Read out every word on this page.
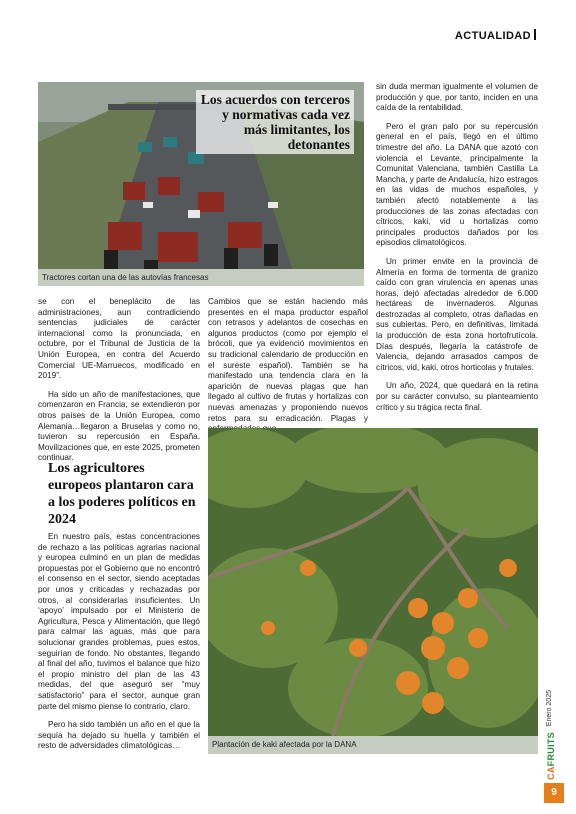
ACTUALIDAD
Los acuerdos con terceros y normativas cada vez más limitantes, los detonantes
Tractores cortan una de las autovías francesas

se con el beneplácito de las administraciones, aun contradiciendo sentencias judiciales de carácter internacional como la pronunciada, en octubre, por el Tribunal de Justicia de la Unión Europea, en contra del Acuerdo Comercial UE-Marruecos, modificado en 2019”.

Ha sido un año de manifestaciones, que comenzaron en Francia, se extendieron por otros países de la Unión Europea, como Alemania…llegaron a Bruselas y como no, tuvieron su repercusión en España. Movilizaciones que, en este 2025, prometen continuar.

Los agricultores europeos plantaron cara a los poderes políticos en 2024

En nuestro país, estas concentraciones de rechazo a las políticas agrarias nacional y europea culminó en un plan de medidas propuestas por el Gobierno que no encontró el consenso en el sector, siendo aceptadas por unos y criticadas y rechazadas por otros, al considerarlas insuficientes. Un ‘apoyo’ impulsado por el Ministerio de Agricultura, Pesca y Alimentación, que llegó para calmar las aguas, más que para solucionar grandes problemas, pues estos, seguirían de fondo. No obstantes, llegando al final del año, tuvimos el balance que hizo el propio ministro del plan de las 43 medidas, del que aseguró ser “muy satisfactorio” para el sector, aunque gran parte del mismo piense lo contrario, claro.

Pero ha sido también un año en el que la sequía ha dejado su huella y también el resto de adversidades climatológicas…

Cambios que se están haciendo más presentes en el mapa productor español con retrasos y adelantos de cosechas en algunos productos (como por ejemplo el brócoli, que ya evidenció movimientos en su tradicional calendario de producción en el sureste español). También se ha manifestado una tendencia clara en la aparición de nuevas plagas que han llegado al cultivo de frutas y hortalizas con nuevas amenazas y proponiendo nuevos retos para su erradicación. Plagas y

sin duda merman igualmente el volumen de producción y que, por tanto, inciden en una caída de la rentabilidad.

Pero el gran palo por su repercusión general en el país, llegó en el último trimestre del año. La DANA que azotó con violencia el Levante, principalmente la Comunitat Valenciana, también Castilla La Mancha, y parte de Andalucía, hizo estragos en las vidas de muchos españoles, y también afectó notablemente a las producciones de las zonas afectadas con cítricos, kaki, vid u hortalizas como principales productos dañados por los episodios climatológicos.

Un primer envite en la provincia de Almería en forma de tormenta de granizo caído con gran virulencia en apenas unas horas, dejó afectadas alrededor de 6.000 hectáreas de invernaderos. Algunas destrozadas al completo, otras dañadas en sus cubiertas. Pero, en definitivas, limitada la producción de esta zona hortofrutícola. Días después, llegaría la catástrofe de Valencia, dejando arrasados campos de cítricos, vid, kaki, otros horticolas y frutales.

Un año, 2024, que quedará en la retina por su carácter convulso, su planteamiento crítico y su trágica recta final.

Plantación de kaki afectada por la DANA
Enero 2025
CAFRUITS
9
